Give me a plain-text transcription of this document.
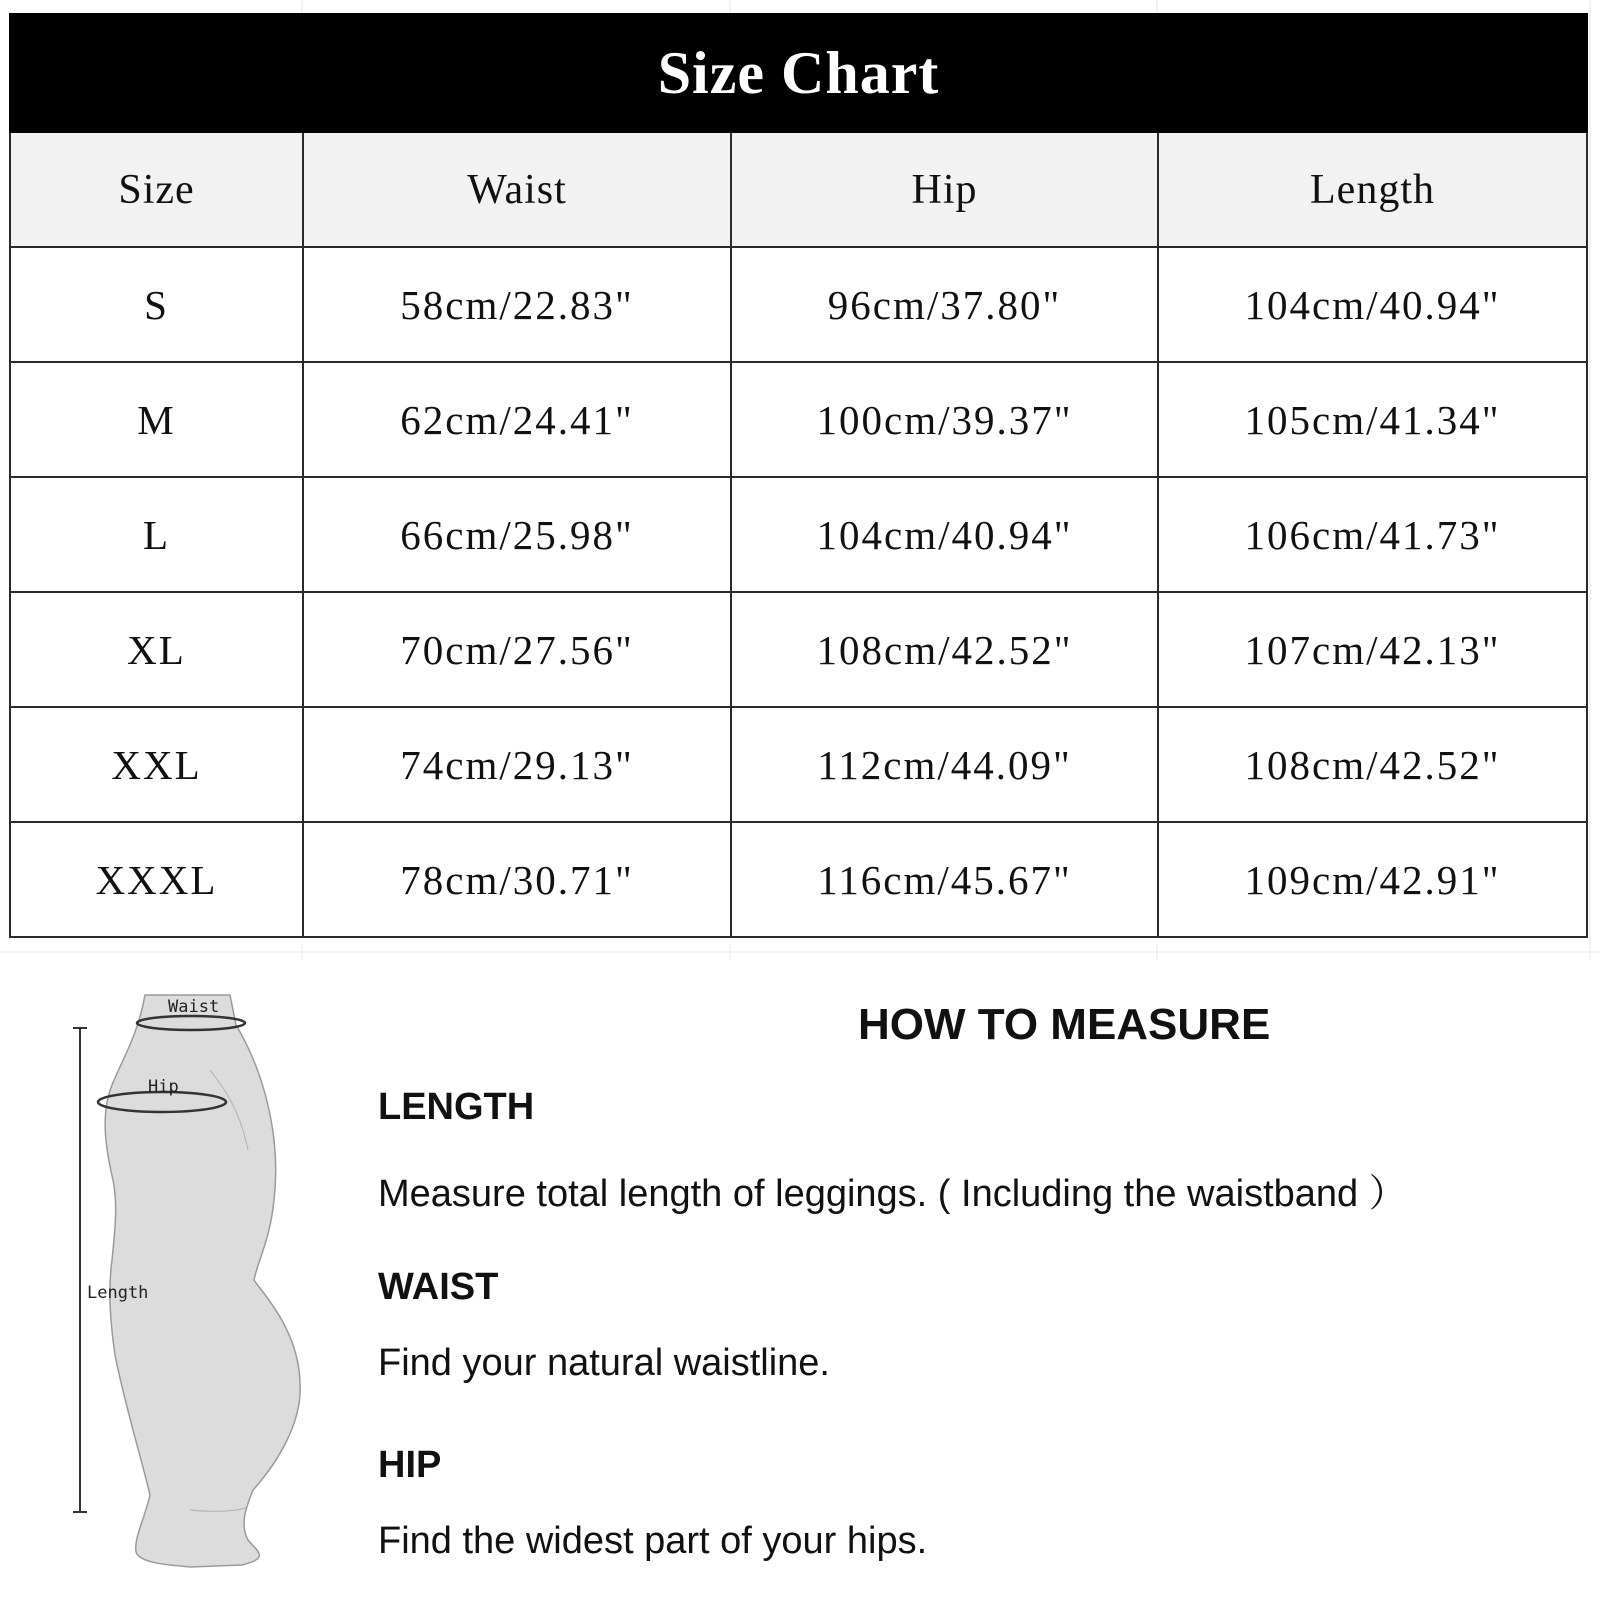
Size Chart			
Size	Waist	Hip	Length
S	58cm/22.83"	96cm/37.80"	104cm/40.94"
M	62cm/24.41"	100cm/39.37"	105cm/41.34"
L	66cm/25.98"	104cm/40.94"	106cm/41.73"
XL	70cm/27.56"	108cm/42.52"	107cm/42.13"
XXL	74cm/29.13"	112cm/44.09"	108cm/42.52"
XXXL	78cm/30.71"	116cm/45.67"	109cm/42.91"
Waist
Hip
Length
HOW TO MEASURE
LENGTH

Measure total length of leggings. ( Including the waistband ）

WAIST

Find your natural waistline.

HIP

Find the widest part of your hips.
